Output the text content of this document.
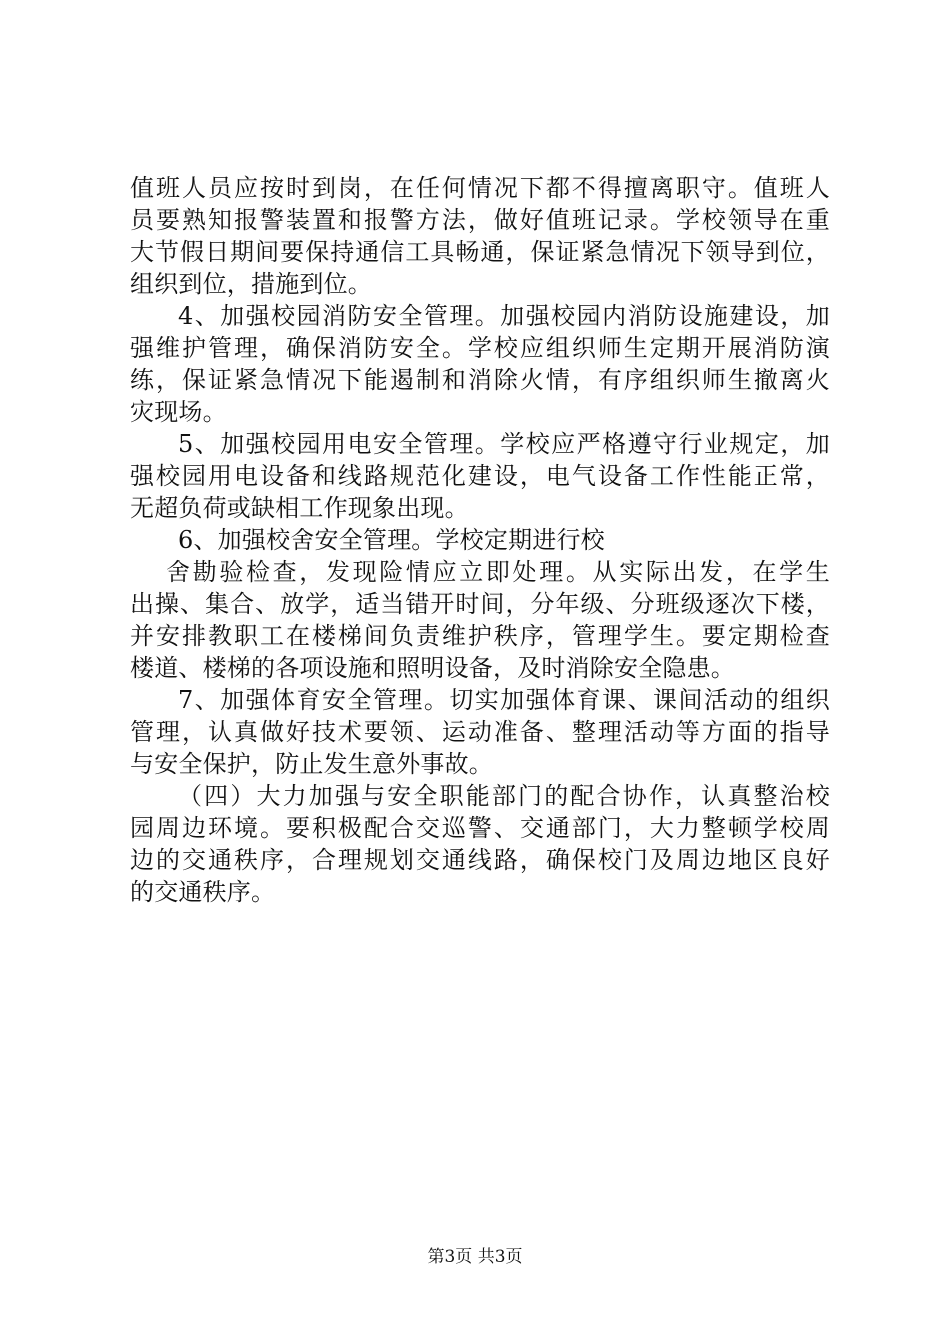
值班人员应按时到岗，在任何情况下都不得擅离职守。值班人
员要熟知报警装置和报警方法，做好值班记录。学校领导在重
大节假日期间要保持通信工具畅通，保证紧急情况下领导到位，
组织到位，措施到位。
4、加强校园消防安全管理。加强校园内消防设施建设，加
强维护管理，确保消防安全。学校应组织师生定期开展消防演
练，保证紧急情况下能遏制和消除火情，有序组织师生撤离火
灾现场。
5、加强校园用电安全管理。学校应严格遵守行业规定，加
强校园用电设备和线路规范化建设，电气设备工作性能正常，
无超负荷或缺相工作现象出现。
6、加强校舍安全管理。学校定期进行校
舍勘验检查，发现险情应立即处理。从实际出发，在学生
出操、集合、放学，适当错开时间，分年级、分班级逐次下楼，
并安排教职工在楼梯间负责维护秩序，管理学生。要定期检查
楼道、楼梯的各项设施和照明设备，及时消除安全隐患。
7、加强体育安全管理。切实加强体育课、课间活动的组织
管理，认真做好技术要领、运动准备、整理活动等方面的指导
与安全保护，防止发生意外事故。
（四）大力加强与安全职能部门的配合协作，认真整治校
园周边环境。要积极配合交巡警、交通部门，大力整顿学校周
边的交通秩序，合理规划交通线路，确保校门及周边地区良好
的交通秩序。
第3页 共3页
